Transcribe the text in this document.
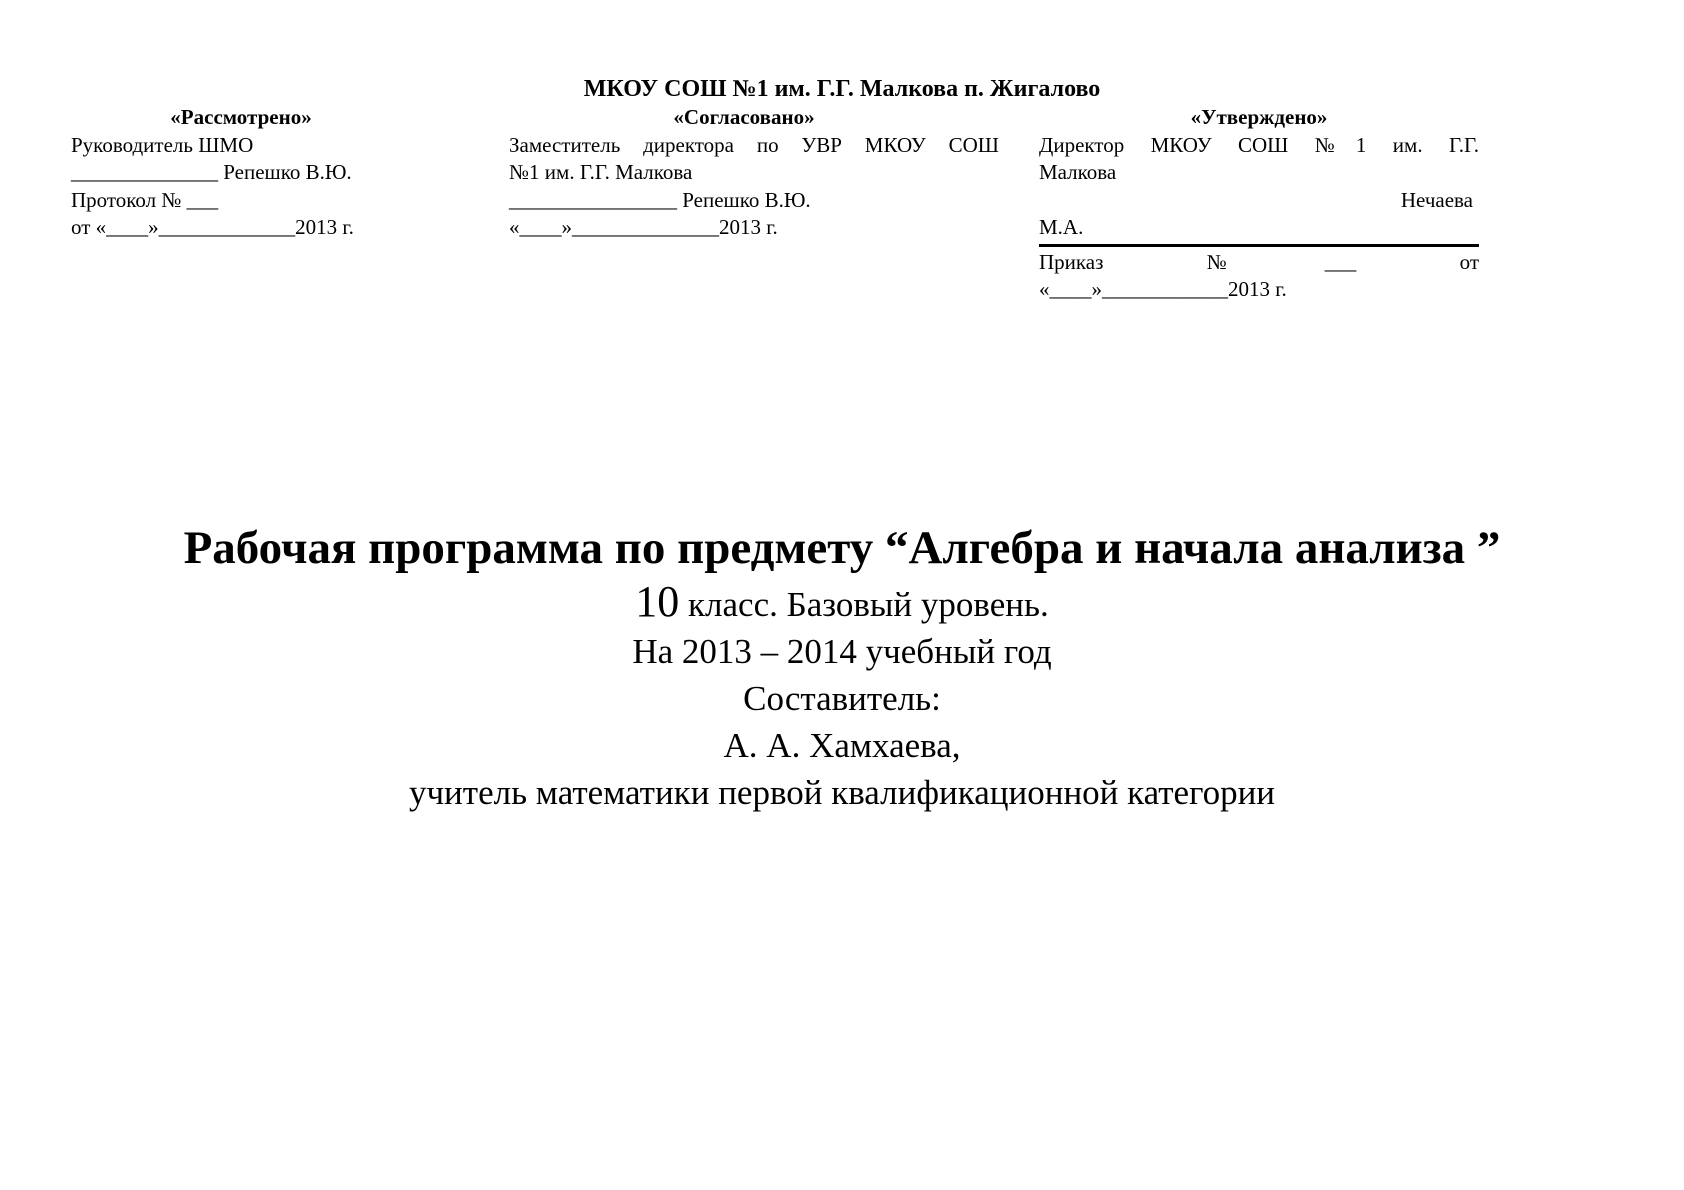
МКОУ СОШ №1 им. Г.Г. Малкова п. Жигалово
«Рассмотрено»
Руководитель ШМО
______________ Репешко В.Ю.
Протокол № ___
от «____»_____________2013 г.
«Согласовано»
Заместитель директора по УВР МКОУ СОШ
№1 им. Г.Г. Малкова
________________ Репешко В.Ю.
«____»______________2013 г.
«Утверждено»
Директор МКОУ СОШ №1 им. Г.Г.
Малкова
Нечаева
М.А.
Приказ №___ от
«____»____________2013 г.
Рабочая программа по предмету “Алгебра и начала анализа ”
10 класс. Базовый уровень.
На 2013 – 2014 учебный год
Составитель:
А. А. Хамхаева,
учитель математики первой квалификационной категории
